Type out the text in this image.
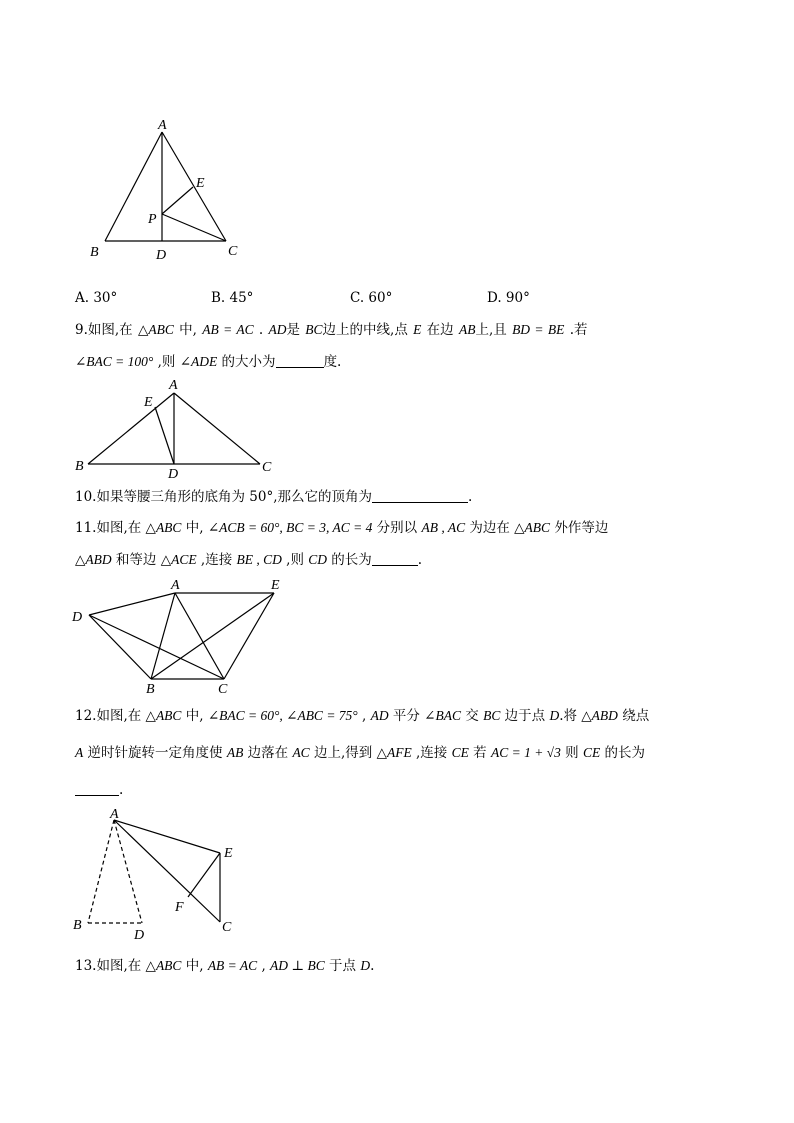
A
B	C
D
E
P
A. 30°	B. 45°	C. 60°	D. 90°
9.如图,在 △ABC 中, AB = AC . AD是 BC边上的中线,点 E 在边 AB上,且 BD = BE .若
∠BAC = 100° ,则 ∠ADE 的大小为	度.
A
B	C
D
E
10.如果等腰三角形的底角为 50°,那么它的顶角为	.
11.如图,在 △ABC 中, ∠ACB = 60°, BC = 3, AC = 4 分别以 AB , AC 为边在 △ABC 外作等边
△ABD 和等边 △ACE ,连接 BE , CD ,则 CD 的长为	.
A
D
E
B	C
12.如图,在 △ABC 中, ∠BAC = 60°, ∠ABC = 75° , AD 平分 ∠BAC 交 BC 边于点 D.将 △ABD 绕点
A 逆时针旋转一定角度使 AB 边落在 AC 边上,得到 △AFE ,连接 CE 若 AC = 1 + √3 则 CE 的长为
.
A
E
F
B
D
C
13.如图,在 △ABC 中, AB = AC , AD ⊥ BC 于点 D.
